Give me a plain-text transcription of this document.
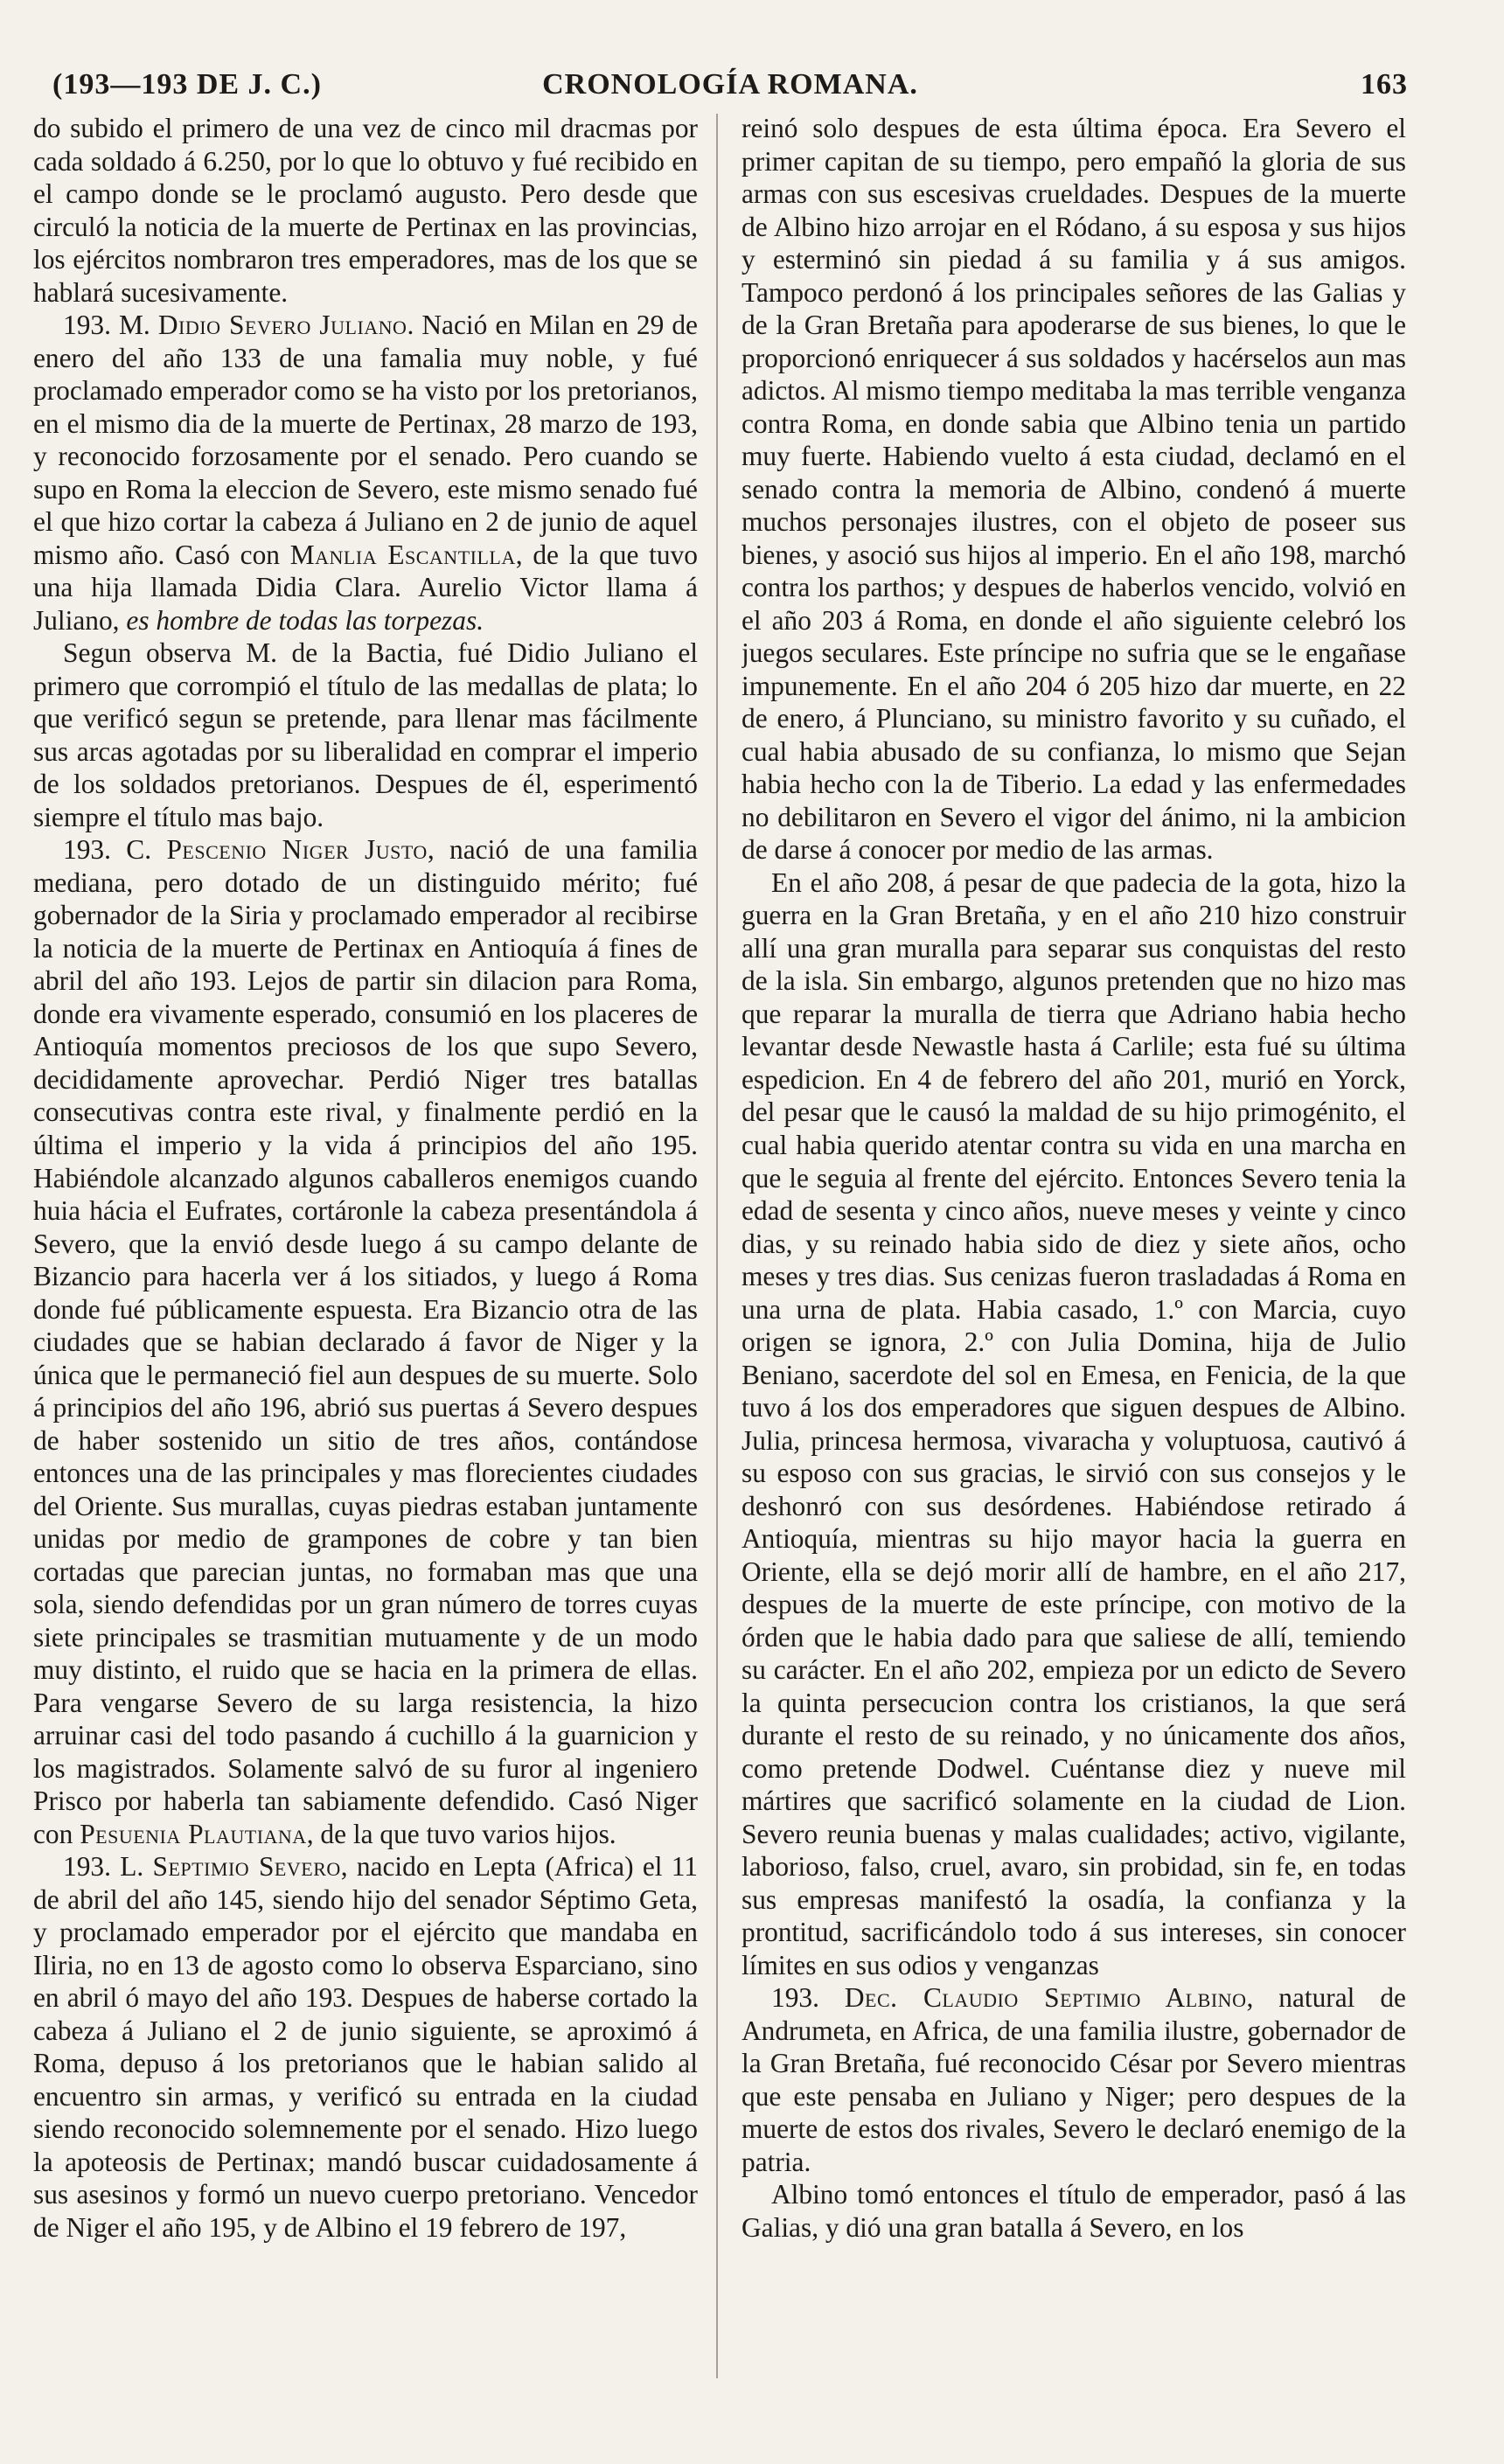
(193—193 DE J. C.)	CRONOLOGÍA ROMANA.	163

do subido el primero de una vez de cinco mil dracmas por cada soldado á 6.250, por lo que lo obtuvo y fué recibido en el campo donde se le proclamó augusto. Pero desde que circuló la noticia de la muerte de Pertinax en las provincias, los ejércitos nombraron tres emperadores, mas de los que se hablará sucesivamente.

193. M. Didio Severo Juliano. Nació en Milan en 29 de enero del año 133 de una famalia muy noble, y fué proclamado emperador como se ha visto por los pretorianos, en el mismo dia de la muerte de Pertinax, 28 marzo de 193, y reconocido forzosamente por el senado. Pero cuando se supo en Roma la eleccion de Severo, este mismo senado fué el que hizo cortar la cabeza á Juliano en 2 de junio de aquel mismo año. Casó con Manlia Escantilla, de la que tuvo una hija llamada Didia Clara. Aurelio Victor llama á Juliano, es hombre de todas las torpezas.

Segun observa M. de la Bactia, fué Didio Juliano el primero que corrompió el título de las medallas de plata; lo que verificó segun se pretende, para llenar mas fácilmente sus arcas agotadas por su liberalidad en comprar el imperio de los soldados pretorianos. Despues de él, esperimentó siempre el título mas bajo.

193. C. Pescenio Niger Justo, nació de una familia mediana, pero dotado de un distinguido mérito; fué gobernador de la Siria y proclamado emperador al recibirse la noticia de la muerte de Pertinax en Antioquía á fines de abril del año 193. Lejos de partir sin dilacion para Roma, donde era vivamente esperado, consumió en los placeres de Antioquía momentos preciosos de los que supo Severo, decididamente aprovechar. Perdió Niger tres batallas consecutivas contra este rival, y finalmente perdió en la última el imperio y la vida á principios del año 195. Habiéndole alcanzado algunos caballeros enemigos cuando huia hácia el Eufrates, cortáronle la cabeza presentándola á Severo, que la envió desde luego á su campo delante de Bizancio para hacerla ver á los sitiados, y luego á Roma donde fué públicamente espuesta. Era Bizancio otra de las ciudades que se habian declarado á favor de Niger y la única que le permaneció fiel aun despues de su muerte. Solo á principios del año 196, abrió sus puertas á Severo despues de haber sostenido un sitio de tres años, contándose entonces una de las principales y mas florecientes ciudades del Oriente. Sus murallas, cuyas piedras estaban juntamente unidas por medio de grampones de cobre y tan bien cortadas que parecian juntas, no formaban mas que una sola, siendo defendidas por un gran número de torres cuyas siete principales se trasmitian mutuamente y de un modo muy distinto, el ruido que se hacia en la primera de ellas. Para vengarse Severo de su larga resistencia, la hizo arruinar casi del todo pasando á cuchillo á la guarnicion y los magistrados. Solamente salvó de su furor al ingeniero Prisco por haberla tan sabiamente defendido. Casó Niger con Pesuenia Plautiana, de la que tuvo varios hijos.

193. L. Septimio Severo, nacido en Lepta (Africa) el 11 de abril del año 145, siendo hijo del senador Séptimo Geta, y proclamado emperador por el ejército que mandaba en Iliria, no en 13 de agosto como lo observa Esparciano, sino en abril ó mayo del año 193. Despues de haberse cortado la cabeza á Juliano el 2 de junio siguiente, se aproximó á Roma, depuso á los pretorianos que le habian salido al encuentro sin armas, y verificó su entrada en la ciudad siendo reconocido solemnemente por el senado. Hizo luego la apoteosis de Pertinax; mandó buscar cuidadosamente á sus asesinos y formó un nuevo cuerpo pretoriano. Vencedor de Niger el año 195, y de Albino el 19 febrero de 197,

reinó solo despues de esta última época. Era Severo el primer capitan de su tiempo, pero empañó la gloria de sus armas con sus escesivas crueldades. Despues de la muerte de Albino hizo arrojar en el Ródano, á su esposa y sus hijos y esterminó sin piedad á su familia y á sus amigos. Tampoco perdonó á los principales señores de las Galias y de la Gran Bretaña para apoderarse de sus bienes, lo que le proporcionó enriquecer á sus soldados y hacérselos aun mas adictos. Al mismo tiempo meditaba la mas terrible venganza contra Roma, en donde sabia que Albino tenia un partido muy fuerte. Habiendo vuelto á esta ciudad, declamó en el senado contra la memoria de Albino, condenó á muerte muchos personajes ilustres, con el objeto de poseer sus bienes, y asoció sus hijos al imperio. En el año 198, marchó contra los parthos; y despues de haberlos vencido, volvió en el año 203 á Roma, en donde el año siguiente celebró los juegos seculares. Este príncipe no sufria que se le engañase impunemente. En el año 204 ó 205 hizo dar muerte, en 22 de enero, á Plunciano, su ministro favorito y su cuñado, el cual habia abusado de su confianza, lo mismo que Sejan habia hecho con la de Tiberio. La edad y las enfermedades no debilitaron en Severo el vigor del ánimo, ni la ambicion de darse á conocer por medio de las armas.

En el año 208, á pesar de que padecia de la gota, hizo la guerra en la Gran Bretaña, y en el año 210 hizo construir allí una gran muralla para separar sus conquistas del resto de la isla. Sin embargo, algunos pretenden que no hizo mas que reparar la muralla de tierra que Adriano habia hecho levantar desde Newastle hasta á Carlile; esta fué su última espedicion. En 4 de febrero del año 201, murió en Yorck, del pesar que le causó la maldad de su hijo primogénito, el cual habia querido atentar contra su vida en una marcha en que le seguia al frente del ejército. Entonces Severo tenia la edad de sesenta y cinco años, nueve meses y veinte y cinco dias, y su reinado habia sido de diez y siete años, ocho meses y tres dias. Sus cenizas fueron trasladadas á Roma en una urna de plata. Habia casado, 1.º con Marcia, cuyo origen se ignora, 2.º con Julia Domina, hija de Julio Beniano, sacerdote del sol en Emesa, en Fenicia, de la que tuvo á los dos emperadores que siguen despues de Albino. Julia, princesa hermosa, vivaracha y voluptuosa, cautivó á su esposo con sus gracias, le sirvió con sus consejos y le deshonró con sus desórdenes. Habiéndose retirado á Antioquía, mientras su hijo mayor hacia la guerra en Oriente, ella se dejó morir allí de hambre, en el año 217, despues de la muerte de este príncipe, con motivo de la órden que le habia dado para que saliese de allí, temiendo su carácter. En el año 202, empieza por un edicto de Severo la quinta persecucion contra los cristianos, la que será durante el resto de su reinado, y no únicamente dos años, como pretende Dodwel. Cuéntanse diez y nueve mil mártires que sacrificó solamente en la ciudad de Lion. Severo reunia buenas y malas cualidades; activo, vigilante, laborioso, falso, cruel, avaro, sin probidad, sin fe, en todas sus empresas manifestó la osadía, la confianza y la prontitud, sacrificándolo todo á sus intereses, sin conocer límites en sus odios y venganzas

193. Dec. Claudio Septimio Albino, natural de Andrumeta, en Africa, de una familia ilustre, gobernador de la Gran Bretaña, fué reconocido César por Severo mientras que este pensaba en Juliano y Niger; pero despues de la muerte de estos dos rivales, Severo le declaró enemigo de la patria.

Albino tomó entonces el título de emperador, pasó á las Galias, y dió una gran batalla á Severo, en los
